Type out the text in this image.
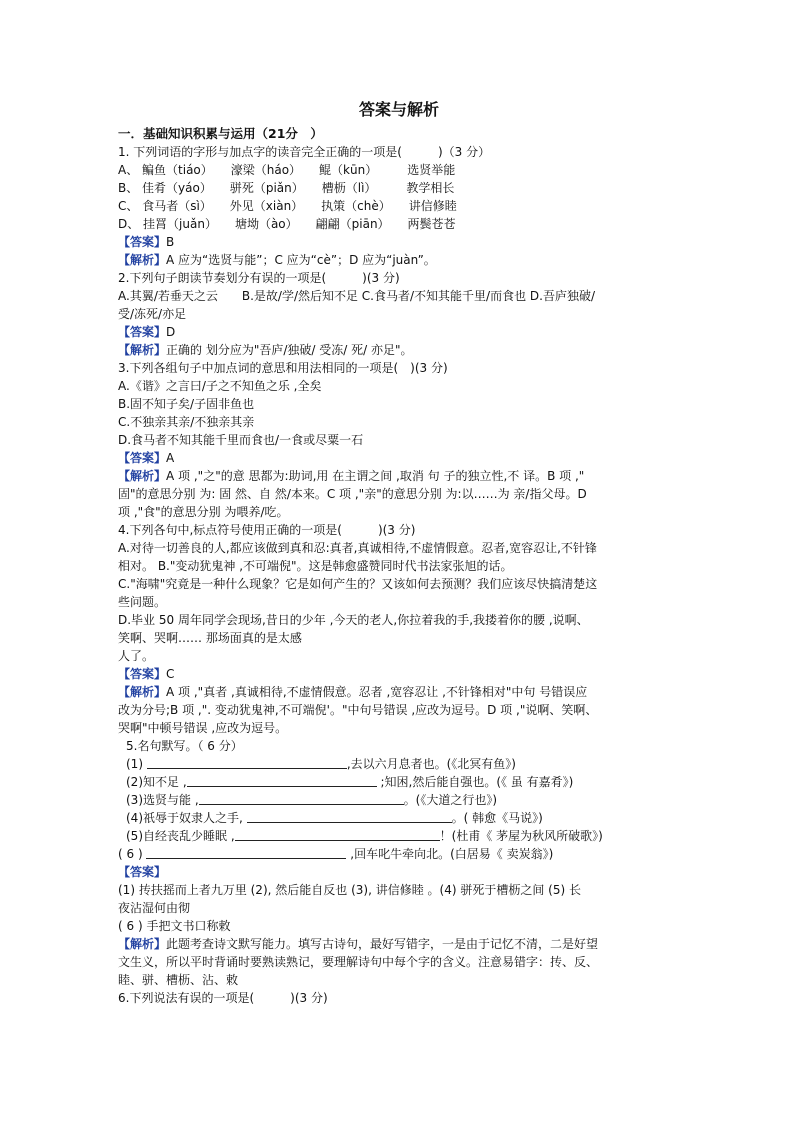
答案与解析
一．基础知识积累与运用（21分　）
1. 下列词语的字形与加点字的读音完全正确的一项是(　　　)（3 分）
A、 鳊鱼（tiáo）　　濠梁（háo）　　鲲（kūn）　　　选贤举能
B、 佳肴（yáo）　　骈死（piǎn）　　槽枥（lì）　　　教学相长
C、 食马者（sì）　　外见（xiàn）　　执策（chè）　　讲信修睦
D、 挂罥（juǎn）　　塘坳（ào）　　翩翩（piān）　　两鬓苍苍
【答案】B
【解析】A 应为“选贤与能”；C 应为“cè”；D 应为“juàn”。
2.下列句子朗读节奏划分有误的一项是(　　　)(3 分)
A.其翼/若垂天之云　　B.是故/学/然后知不足 C.食马者/不知其能千里/而食也 D.吾庐独破/
受/冻死/亦足
【答案】D
【解析】正确的 划分应为"吾庐/独破/ 受冻/ 死/ 亦足"。
3.下列各组句子中加点词的意思和用法相同的一项是(　)(3 分)
A.《谐》之言曰/子之不知鱼之乐 ,全矣
B.固不知子矣/子固非鱼也
C.不独亲其亲/不独亲其亲
D.食马者不知其能千里而食也/一食或尽粟一石
【答案】A
【解析】A 项 ,"之"的意 思都为:助词,用 在主谓之间 ,取消 句 子的独立性,不 译。B 项 ,"
固"的意思分别 为: 固 然、自 然/本来。C 项 ,"亲"的意思分别 为:以……为 亲/指父母。D
项 ,"食"的意思分别 为喂养/吃。
4.下列各句中,标点符号使用正确的一项是(　　　)(3 分)
A.对待一切善良的人,都应该做到真和忍:真者,真诚相待,不虚情假意。忍者,宽容忍让,不针锋
相对。 B."变动犹鬼神 ,不可端倪"。这是韩愈盛赞同时代书法家张旭的话。
C."海啸"究竟是一种什么现象？它是如何产生的？又该如何去预测？我们应该尽快搞清楚这
些问题。
D.毕业 50 周年同学会现场,昔日的少年 ,今天的老人,你拉着我的手,我搂着你的腰 ,说啊、
笑啊、哭啊…… 那场面真的是太感
人了。
【答案】C
【解析】A 项 ,"真者 ,真诚相待,不虚情假意。忍者 ,宽容忍让 ,不针锋相对"中句 号错误应
改为分号;B 项 ,". 变动犹鬼神,不可端倪'。"中句号错误 ,应改为逗号。D 项 ,"说啊、笑啊、
哭啊"中顿号错误 ,应改为逗号。
5.名句默写。（ 6 分）
(1)	,去以六月息者也。(《北冥有鱼》)
(2)知不足 ,	;知困,然后能自强也。(《 虽 有嘉肴》)
(3)选贤与能 ,	。(《大道之行也》)
(4)祇辱于奴隶人之手,	。( 韩愈《马说》)
(5)自经丧乱少睡眠 ,	！(杜甫《 茅屋为秋风所破歌》)
( 6 )	,回车叱牛牵向北。(白居易《 卖炭翁》)
【答案】
(1) 抟扶摇而上者九万里 (2), 然后能自反也 (3), 讲信修睦 。(4) 骈死于槽枥之间 (5) 长
夜沾湿何由彻
( 6 ) 手把文书口称敕
【解析】此题考查诗文默写能力。填写古诗句，最好写错字，一是由于记忆不清，二是好望
文生义，所以平时背诵时要熟读熟记，要理解诗句中每个字的含义。注意易错字：抟、反、
睦、骈、槽枥、沾、敕
6.下列说法有误的一项是(　　　)(3 分)
